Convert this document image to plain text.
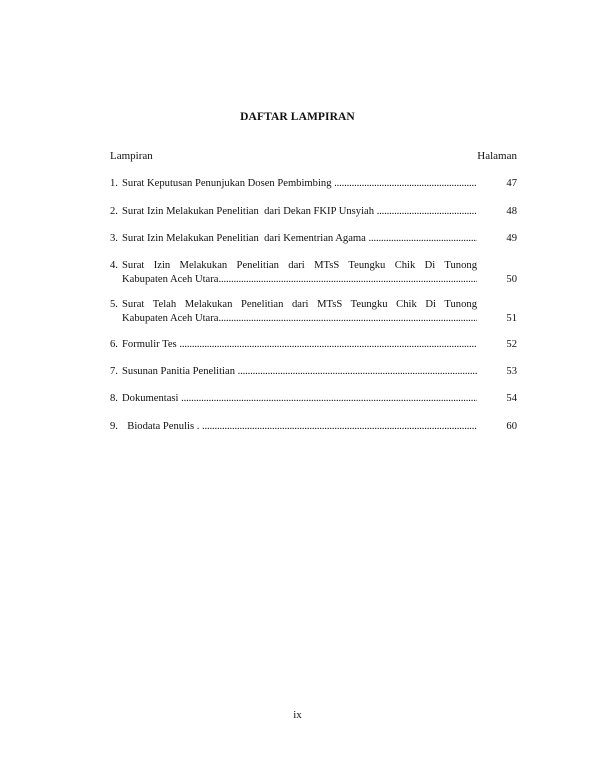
DAFTAR LAMPIRAN
Lampiran	Halaman
1. Surat Keputusan Penunjukan Dosen Pembimbing . . .	47
2. Surat Izin Melakukan Penelitian  dari Dekan FKIP Unsyiah . . .	48
3. Surat Izin Melakukan Penelitian  dari Kementrian Agama . . .	49
4. Surat Izin Melakukan Penelitian dari MTsS Teungku Chik Di Tunong
Kabupaten Aceh Utara . . .	50
5. Surat Telah Melakukan Penelitian dari MTsS Teungku Chik Di Tunong
Kabupaten Aceh Utara . . .	51
6. Formulir Tes . . .	52
7. Susunan Panitia Penelitian . . .	53
8. Dokumentasi . . .	54
9. Biodata Penulis . . . .	60
ix
